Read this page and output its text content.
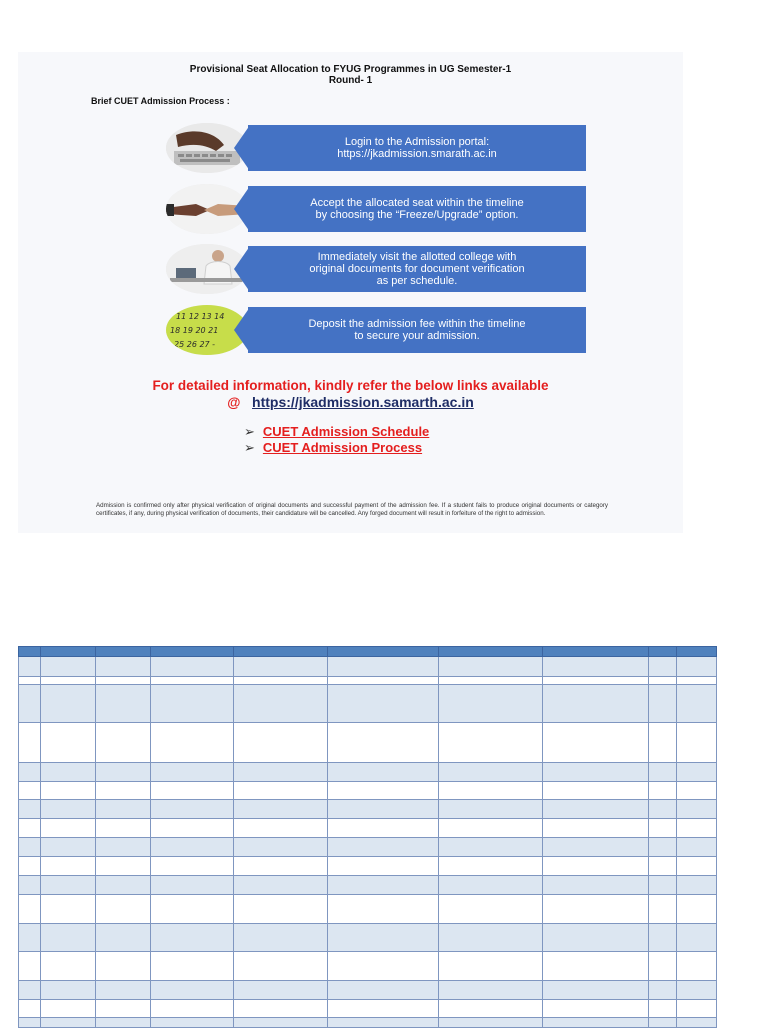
Provisional Seat Allocation to FYUG Programmes in UG Semester-1
Round- 1
Brief CUET Admission Process :
Login to the Admission portal:
https://jkadmission.smarath.ac.in
Accept the allocated seat within the timeline
by choosing the “Freeze/Upgrade” option.
Immediately visit the allotted college with
original documents for document verification
as per schedule.
11 12 13 14
18 19 20 21
25 26 27 -
Deposit the admission fee within the timeline
to secure your admission.
For detailed information, kindly refer the below links available
@ https://jkadmission.samarth.ac.in
➢ CUET Admission Schedule
➢ CUET Admission Process
Admission is confirmed only after physical verification of original documents and successful payment of the admission fee. If a student fails to produce original documents or category certificates, if any, during physical verification of documents, their candidature will be cancelled. Any forged document will result in forfeiture of the right to admission.
